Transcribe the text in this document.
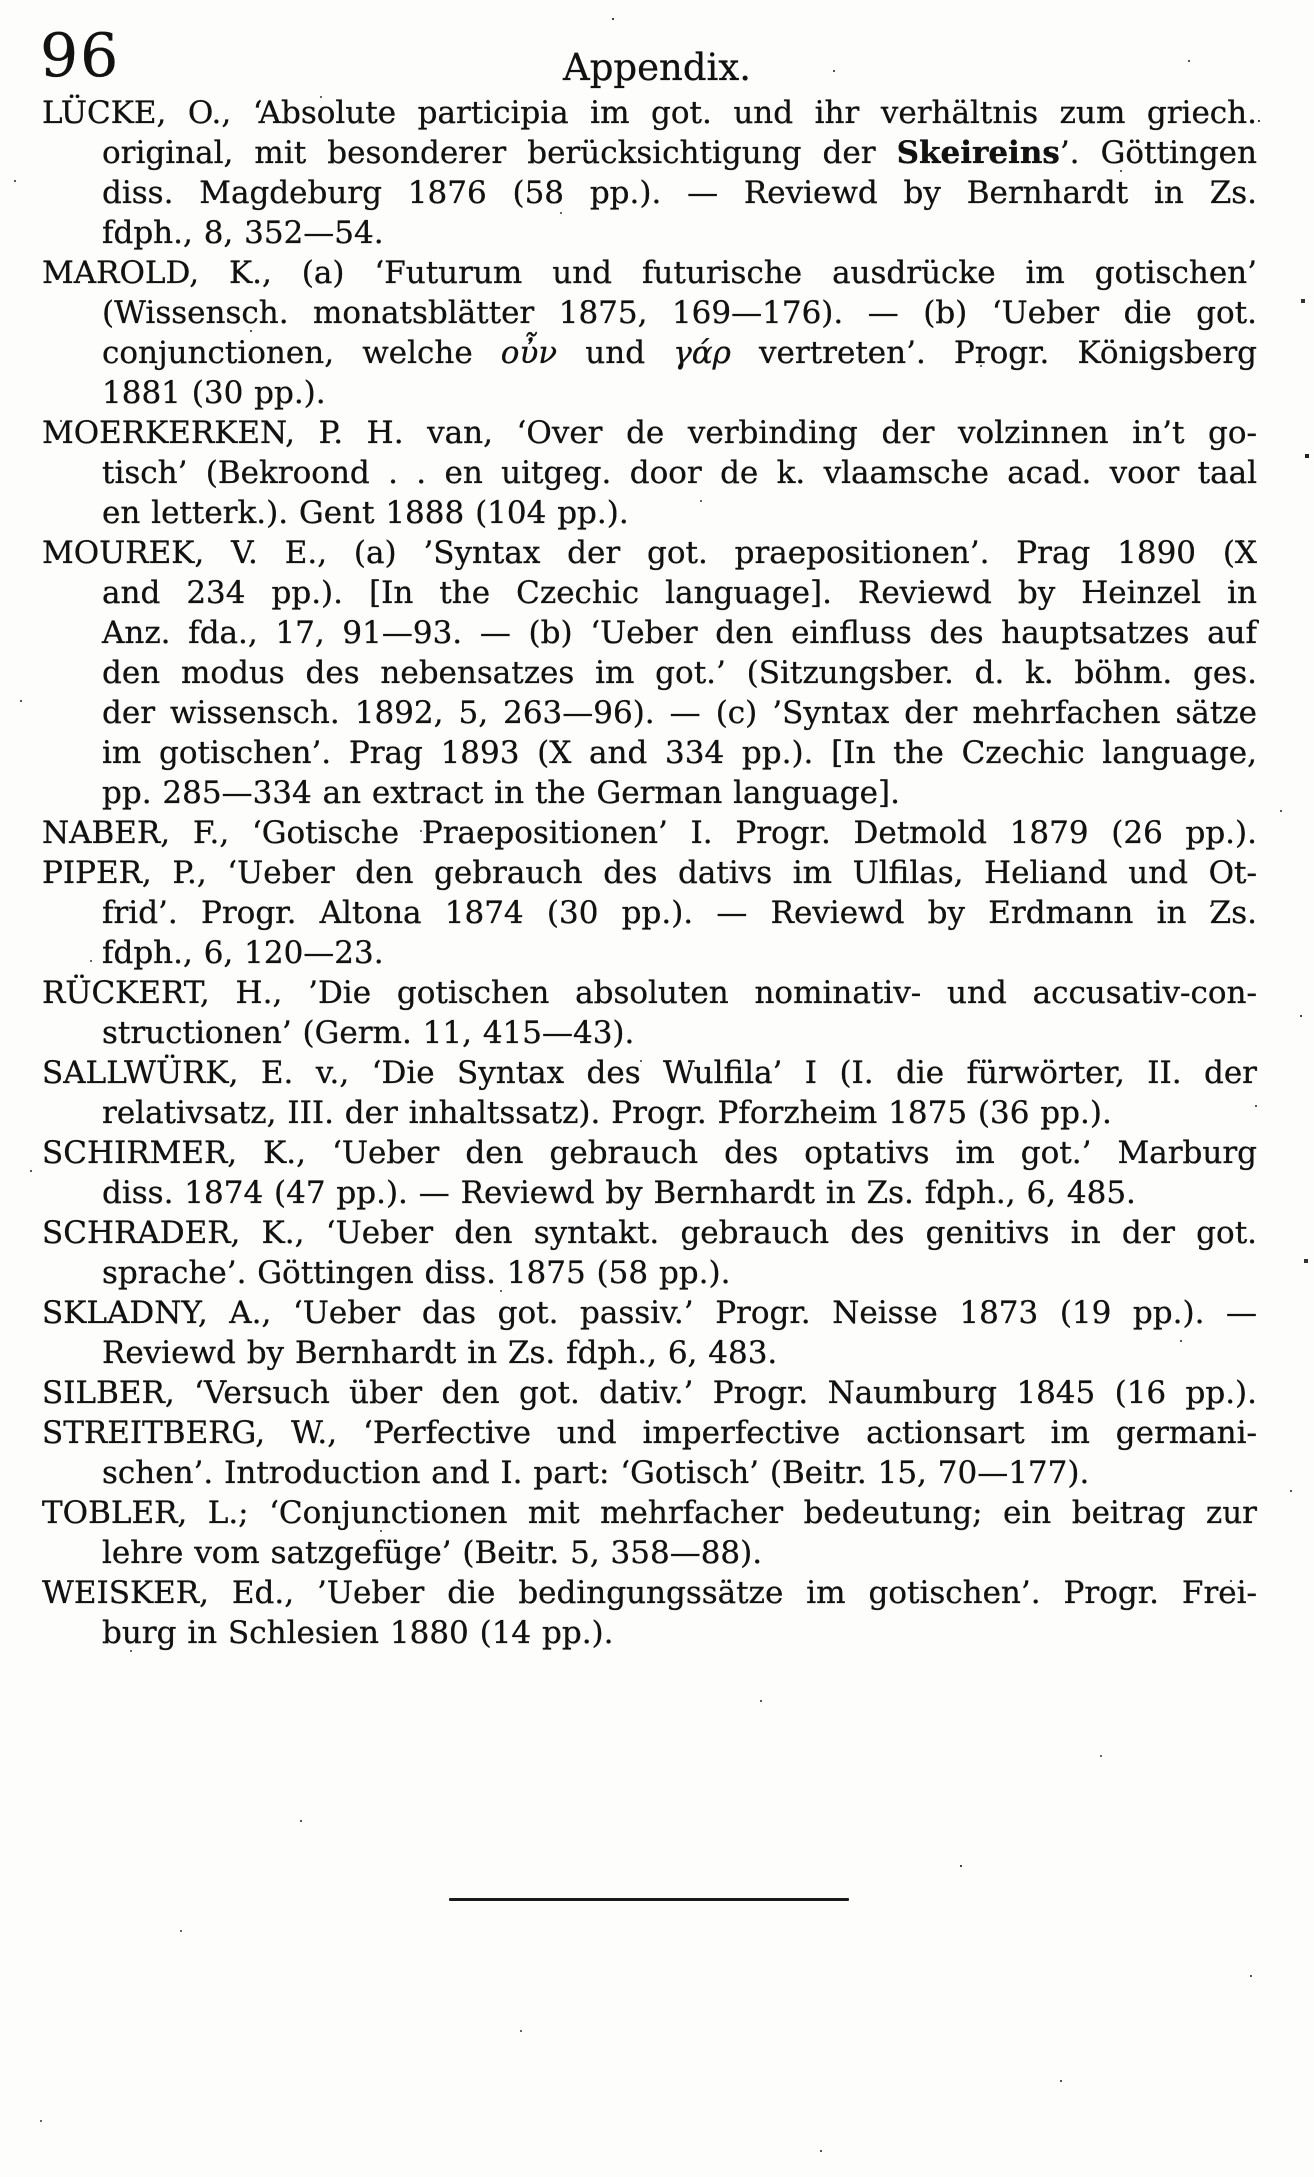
96	Appendix.
LÜCKE, O., ‘Absolute participia im got. und ihr verhältnis zum griech.
original, mit besonderer berücksichtigung der Skeireins’. Göttingen
diss. Magdeburg 1876 (58 pp.). — Reviewd by Bernhardt in Zs.
fdph., 8, 352—54.
MAROLD, K., (a) ‘Futurum und futurische ausdrücke im gotischen’
(Wissensch. monatsblätter 1875, 169—176). — (b) ‘Ueber die got.
conjunctionen, welche οὖν und γάρ vertreten’. Progr. Königsberg
1881 (30 pp.).
MOERKERKEN, P. H. van, ‘Over de verbinding der volzinnen in’t go-
tisch’ (Bekroond . . en uitgeg. door de k. vlaamsche acad. voor taal
en letterk.). Gent 1888 (104 pp.).
MOUREK, V. E., (a) ’Syntax der got. praepositionen’. Prag 1890 (X
and 234 pp.). [In the Czechic language]. Reviewd by Heinzel in
Anz. fda., 17, 91—93. — (b) ‘Ueber den einfluss des hauptsatzes auf
den modus des nebensatzes im got.’ (Sitzungsber. d. k. böhm. ges.
der wissensch. 1892, 5, 263—96). — (c) ’Syntax der mehrfachen sätze
im gotischen’. Prag 1893 (X and 334 pp.). [In the Czechic language,
pp. 285—334 an extract in the German language].
NABER, F., ‘Gotische Praepositionen’ I. Progr. Detmold 1879 (26 pp.).
PIPER, P., ‘Ueber den gebrauch des dativs im Ulfilas, Heliand und Ot-
frid’. Progr. Altona 1874 (30 pp.). — Reviewd by Erdmann in Zs.
fdph., 6, 120—23.
RÜCKERT, H., ’Die gotischen absoluten nominativ- und accusativ-con-
structionen’ (Germ. 11, 415—43).
SALLWÜRK, E. v., ‘Die Syntax des Wulfila’ I (I. die fürwörter, II. der
relativsatz, III. der inhaltssatz). Progr. Pforzheim 1875 (36 pp.).
SCHIRMER, K., ‘Ueber den gebrauch des optativs im got.’ Marburg
diss. 1874 (47 pp.). — Reviewd by Bernhardt in Zs. fdph., 6, 485.
SCHRADER, K., ‘Ueber den syntakt. gebrauch des genitivs in der got.
sprache’. Göttingen diss. 1875 (58 pp.).
SKLADNY, A., ‘Ueber das got. passiv.’ Progr. Neisse 1873 (19 pp.). —
Reviewd by Bernhardt in Zs. fdph., 6, 483.
SILBER, ‘Versuch über den got. dativ.’ Progr. Naumburg 1845 (16 pp.).
STREITBERG, W., ‘Perfective und imperfective actionsart im germani-
schen’. Introduction and I. part: ‘Gotisch’ (Beitr. 15, 70—177).
TOBLER, L.; ‘Conjunctionen mit mehrfacher bedeutung; ein beitrag zur
lehre vom satzgefüge’ (Beitr. 5, 358—88).
WEISKER, Ed., ’Ueber die bedingungssätze im gotischen’. Progr. Frei-
burg in Schlesien 1880 (14 pp.).
